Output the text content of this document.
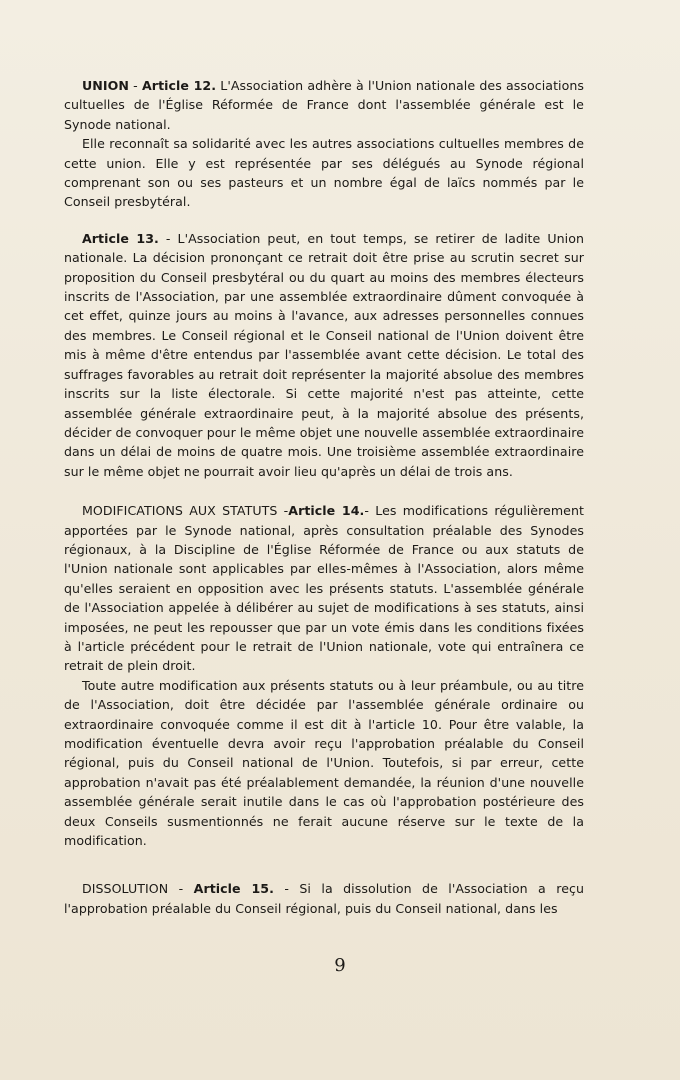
UNION - Article 12. L'Association adhère à l'Union nationale des associations cultuelles de l'Église Réformée de France dont l'assemblée générale est le Synode national.

Elle reconnaît sa solidarité avec les autres associations cultuelles membres de cette union. Elle y est représentée par ses délégués au Synode régional comprenant son ou ses pasteurs et un nombre égal de laïcs nommés par le Conseil presbytéral.

Article 13. - L'Association peut, en tout temps, se retirer de ladite Union nationale. La décision prononçant ce retrait doit être prise au scrutin secret sur proposition du Conseil presbytéral ou du quart au moins des membres électeurs inscrits de l'Association, par une assemblée extraordinaire dûment convoquée à cet effet, quinze jours au moins à l'avance, aux adresses personnelles connues des membres. Le Conseil régional et le Conseil national de l'Union doivent être mis à même d'être entendus par l'assemblée avant cette décision. Le total des suffrages favorables au retrait doit représenter la majorité absolue des membres inscrits sur la liste électorale. Si cette majorité n'est pas atteinte, cette assemblée générale extraordinaire peut, à la majorité absolue des présents, décider de convoquer pour le même objet une nouvelle assemblée extraordinaire dans un délai de moins de quatre mois. Une troisième assemblée extraordinaire sur le même objet ne pourrait avoir lieu qu'après un délai de trois ans.

MODIFICATIONS AUX STATUTS -Article 14.- Les modifications régulièrement apportées par le Synode national, après consultation préalable des Synodes régionaux, à la Discipline de l'Église Réformée de France ou aux statuts de l'Union nationale sont applicables par elles-mêmes à l'Association, alors même qu'elles seraient en opposition avec les présents statuts. L'assemblée générale de l'Association appelée à délibérer au sujet de modifications à ses statuts, ainsi imposées, ne peut les repousser que par un vote émis dans les conditions fixées à l'article précédent pour le retrait de l'Union nationale, vote qui entraînera ce retrait de plein droit.

Toute autre modification aux présents statuts ou à leur préambule, ou au titre de l'Association, doit être décidée par l'assemblée générale ordinaire ou extraordinaire convoquée comme il est dit à l'article 10. Pour être valable, la modification éventuelle devra avoir reçu l'approbation préalable du Conseil régional, puis du Conseil national de l'Union. Toutefois, si par erreur, cette approbation n'avait pas été préalablement demandée, la réunion d'une nouvelle assemblée générale serait inutile dans le cas où l'approbation postérieure des deux Conseils susmentionnés ne ferait aucune réserve sur le texte de la modification.

DISSOLUTION - Article 15. - Si la dissolution de l'Association a reçu l'approbation préalable du Conseil régional, puis du Conseil national, dans les

9
